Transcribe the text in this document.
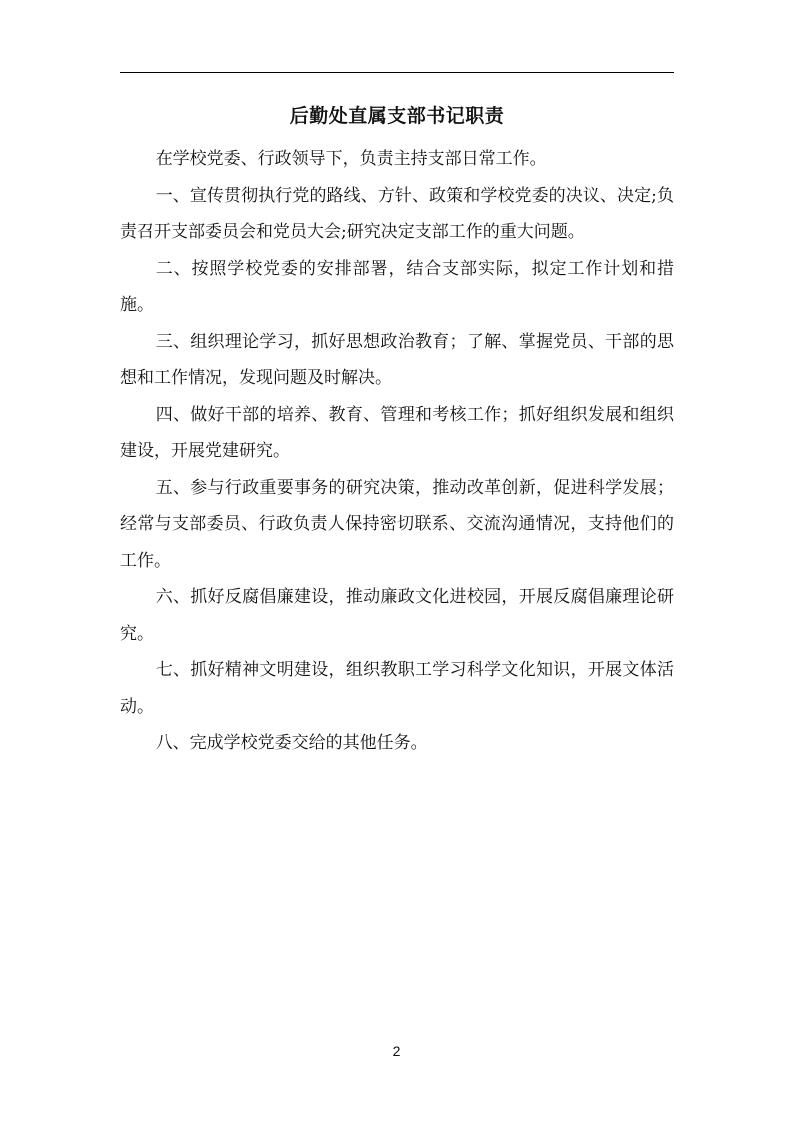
后勤处直属支部书记职责

在学校党委、行政领导下，负责主持支部日常工作。

一、宣传贯彻执行党的路线、方针、政策和学校党委的决议、决定;负责召开支部委员会和党员大会;研究决定支部工作的重大问题。

二、按照学校党委的安排部署，结合支部实际，拟定工作计划和措施。

三、组织理论学习，抓好思想政治教育；了解、掌握党员、干部的思想和工作情况，发现问题及时解决。

四、做好干部的培养、教育、管理和考核工作；抓好组织发展和组织建设，开展党建研究。

五、参与行政重要事务的研究决策，推动改革创新，促进科学发展；经常与支部委员、行政负责人保持密切联系、交流沟通情况，支持他们的工作。

六、抓好反腐倡廉建设，推动廉政文化进校园，开展反腐倡廉理论研究。

七、抓好精神文明建设，组织教职工学习科学文化知识，开展文体活动。

八、完成学校党委交给的其他任务。

2
